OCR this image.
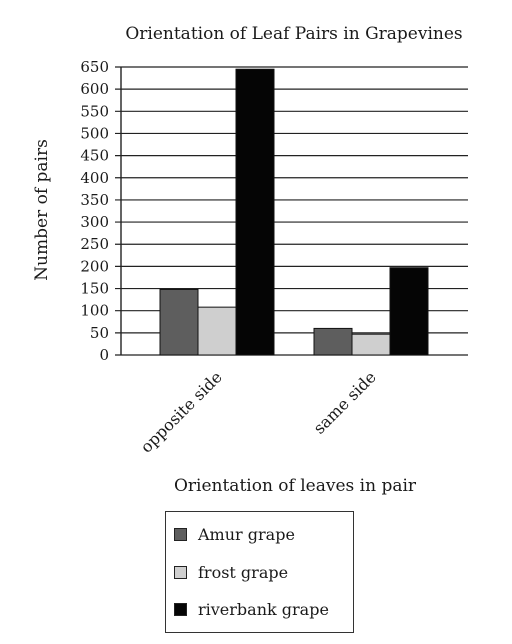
Orientation of Leaf Pairs in Grapevines
Number of pairs
Orientation of leaves in pair
0
50
100
150
200
250
300
350
400
450
500
550
600
650
opposite side	same side
Amur grape
frost grape
riverbank grape
